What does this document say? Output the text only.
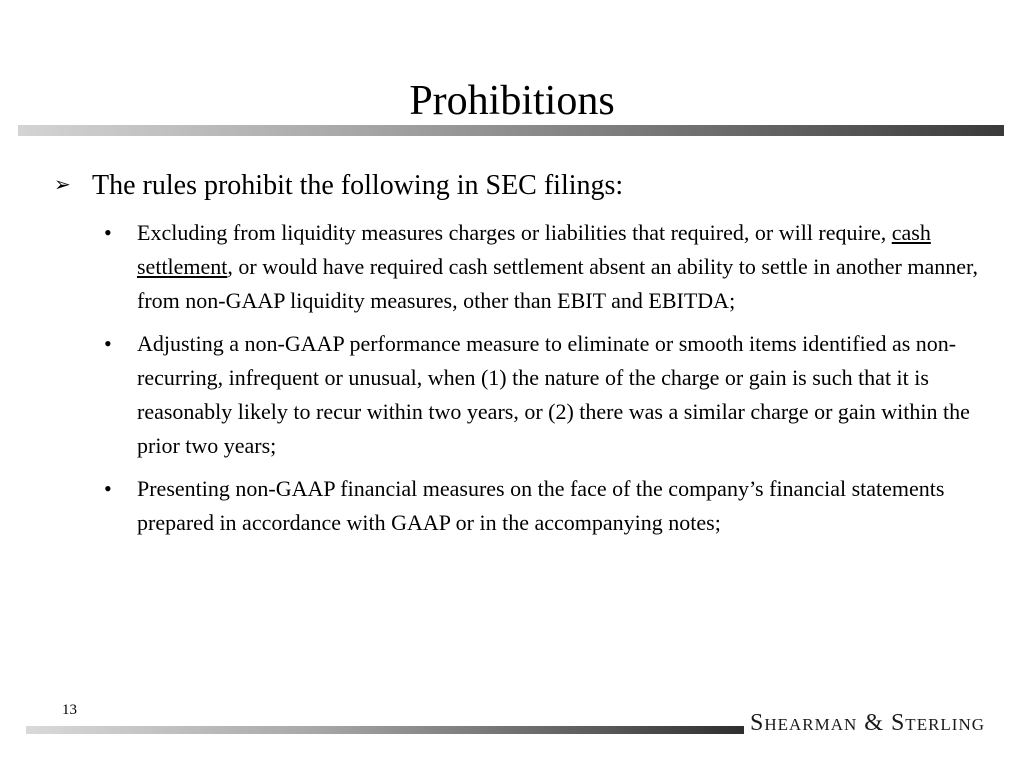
Prohibitions

➢ The rules prohibit the following in SEC filings:

•	Excluding from liquidity measures charges or liabilities that required, or will require, cash settlement, or would have required cash settlement absent an ability to settle in another manner, from non-GAAP liquidity measures, other than EBIT and EBITDA;
•	Adjusting a non-GAAP performance measure to eliminate or smooth items identified as non-recurring, infrequent or unusual, when (1) the nature of the charge or gain is such that it is reasonably likely to recur within two years, or (2) there was a similar charge or gain within the prior two years;
•	Presenting non-GAAP financial measures on the face of the company’s financial statements prepared in accordance with GAAP or in the accompanying notes;
13	Shearman & Sterling
